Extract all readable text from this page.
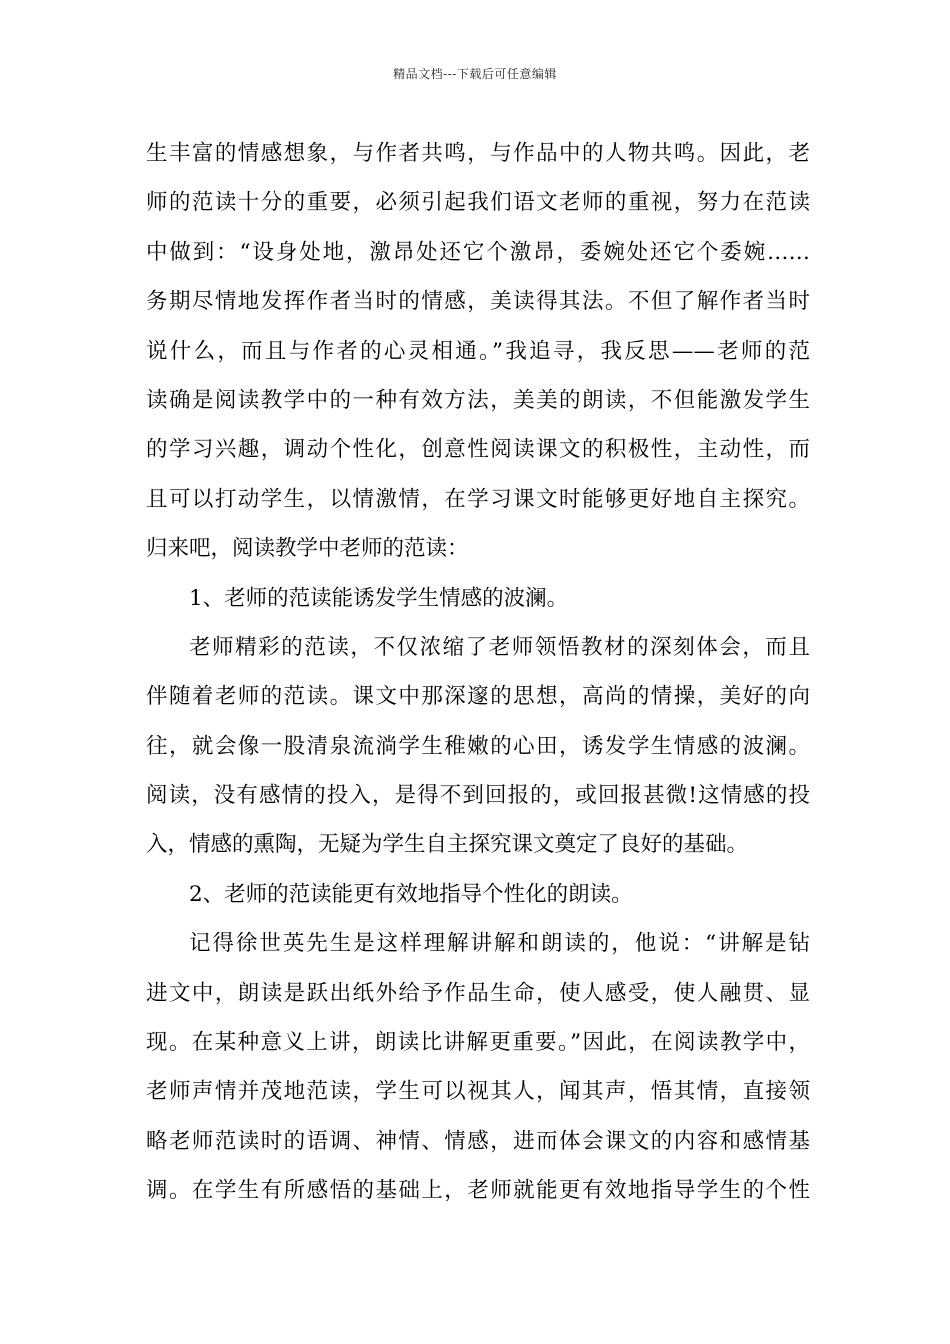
精品文档---下载后可任意编辑
生丰富的情感想象，与作者共鸣，与作品中的人物共鸣。因此，老
师的范读十分的重要，必须引起我们语文老师的重视，努力在范读
中做到：“设身处地，激昂处还它个激昂，委婉处还它个委婉……
务期尽情地发挥作者当时的情感，美读得其法。不但了解作者当时
说什么，而且与作者的心灵相通。”我追寻，我反思——老师的范
读确是阅读教学中的一种有效方法，美美的朗读，不但能激发学生
的学习兴趣，调动个性化，创意性阅读课文的积极性，主动性，而
且可以打动学生，以情激情，在学习课文时能够更好地自主探究。
归来吧，阅读教学中老师的范读：
1、老师的范读能诱发学生情感的波澜。
老师精彩的范读，不仅浓缩了老师领悟教材的深刻体会，而且
伴随着老师的范读。课文中那深邃的思想，高尚的情操，美好的向
往，就会像一股清泉流淌学生稚嫩的心田，诱发学生情感的波澜。
阅读，没有感情的投入，是得不到回报的，或回报甚微!这情感的投
入，情感的熏陶，无疑为学生自主探究课文奠定了良好的基础。
2、老师的范读能更有效地指导个性化的朗读。
记得徐世英先生是这样理解讲解和朗读的，他说：“讲解是钻
进文中，朗读是跃出纸外给予作品生命，使人感受，使人融贯、显
现。在某种意义上讲，朗读比讲解更重要。”因此，在阅读教学中，
老师声情并茂地范读，学生可以视其人，闻其声，悟其情，直接领
略老师范读时的语调、神情、情感，进而体会课文的内容和感情基
调。在学生有所感悟的基础上，老师就能更有效地指导学生的个性
